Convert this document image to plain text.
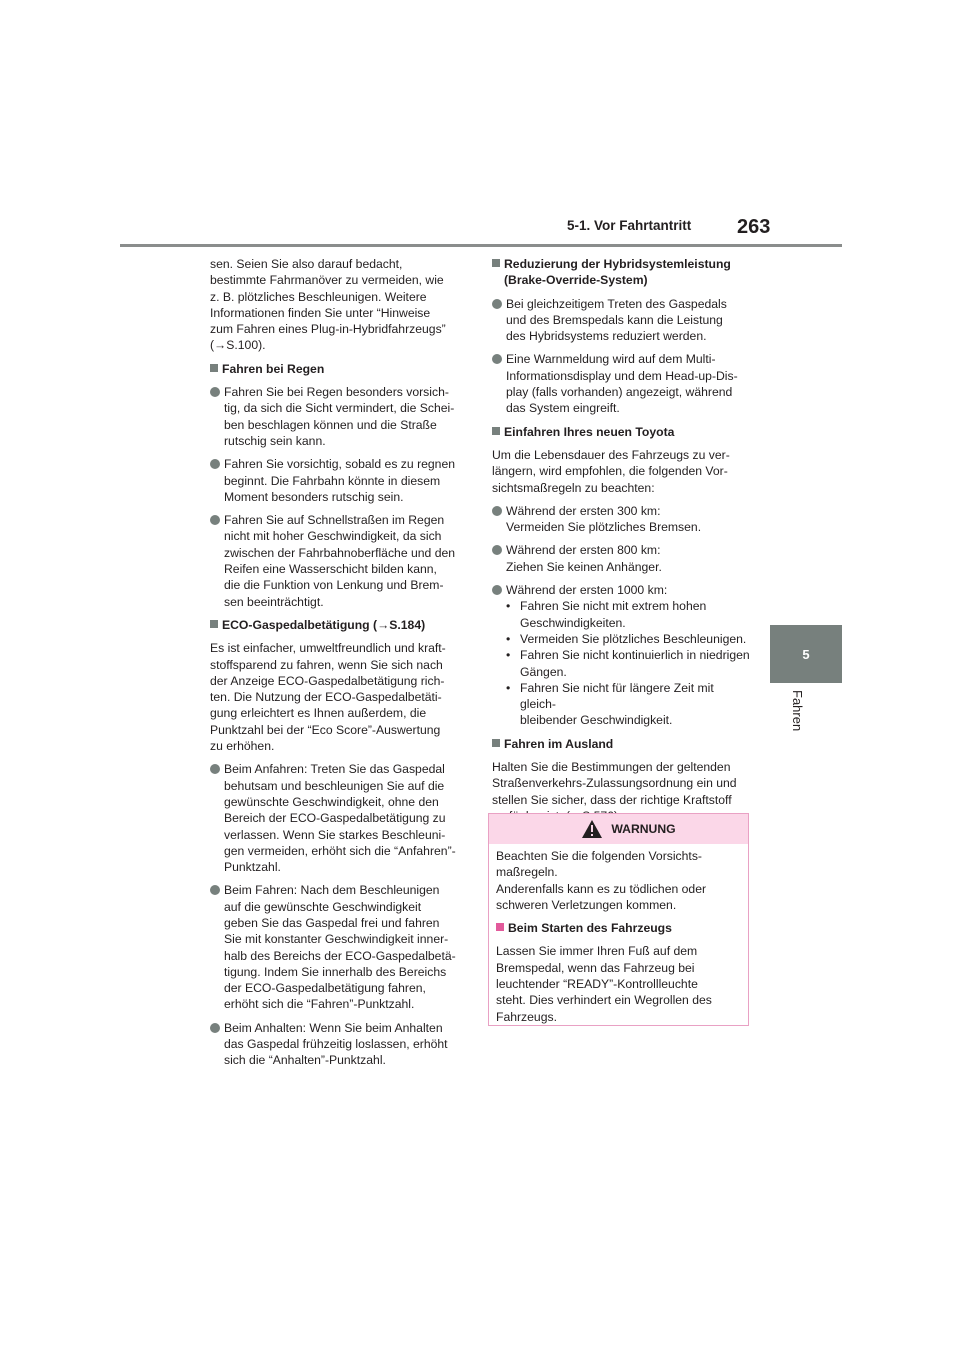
5-1. Vor Fahrtantritt 263
5
Fahren
sen. Seien Sie also darauf bedacht,
bestimmte Fahrmanöver zu vermeiden, wie
z. B. plötzliches Beschleunigen. Weitere
Informationen finden Sie unter “Hinweise
zum Fahren eines Plug-in-Hybridfahrzeugs”
(→S.100).
Fahren bei Regen
Fahren Sie bei Regen besonders vorsich-
tig, da sich die Sicht vermindert, die Schei-
ben beschlagen können und die Straße
rutschig sein kann.
Fahren Sie vorsichtig, sobald es zu regnen
beginnt. Die Fahrbahn könnte in diesem
Moment besonders rutschig sein.
Fahren Sie auf Schnellstraßen im Regen
nicht mit hoher Geschwindigkeit, da sich
zwischen der Fahrbahnoberfläche und den
Reifen eine Wasserschicht bilden kann,
die die Funktion von Lenkung und Brem-
sen beeinträchtigt.
ECO-Gaspedalbetätigung (→S.184)
Es ist einfacher, umweltfreundlich und kraft-
stoffsparend zu fahren, wenn Sie sich nach
der Anzeige ECO-Gaspedalbetätigung rich-
ten. Die Nutzung der ECO-Gaspedalbetäti-
gung erleichtert es Ihnen außerdem, die
Punktzahl bei der “Eco Score”-Auswertung
zu erhöhen.
Beim Anfahren: Treten Sie das Gaspedal
behutsam und beschleunigen Sie auf die
gewünschte Geschwindigkeit, ohne den
Bereich der ECO-Gaspedalbetätigung zu
verlassen. Wenn Sie starkes Beschleuni-
gen vermeiden, erhöht sich die “Anfahren”-
Punktzahl.
Beim Fahren: Nach dem Beschleunigen
auf die gewünschte Geschwindigkeit
geben Sie das Gaspedal frei und fahren
Sie mit konstanter Geschwindigkeit inner-
halb des Bereichs der ECO-Gaspedalbetä-
tigung. Indem Sie innerhalb des Bereichs
der ECO-Gaspedalbetätigung fahren,
erhöht sich die “Fahren”-Punktzahl.
Beim Anhalten: Wenn Sie beim Anhalten
das Gaspedal frühzeitig loslassen, erhöht
sich die “Anhalten”-Punktzahl.
Reduzierung der Hybridsystemleistung
(Brake-Override-System)
Bei gleichzeitigem Treten des Gaspedals
und des Bremspedals kann die Leistung
des Hybridsystems reduziert werden.
Eine Warnmeldung wird auf dem Multi-
Informationsdisplay und dem Head-up-Dis-
play (falls vorhanden) angezeigt, während
das System eingreift.
Einfahren Ihres neuen Toyota
Um die Lebensdauer des Fahrzeugs zu ver-
längern, wird empfohlen, die folgenden Vor-
sichtsmaßregeln zu beachten:
Während der ersten 300 km:
Vermeiden Sie plötzliches Bremsen.
Während der ersten 800 km:
Ziehen Sie keinen Anhänger.
Während der ersten 1000 km:
• Fahren Sie nicht mit extrem hohen
Geschwindigkeiten.
• Vermeiden Sie plötzliches Beschleunigen.
• Fahren Sie nicht kontinuierlich in niedrigen
Gängen.
• Fahren Sie nicht für längere Zeit mit gleich-
bleibender Geschwindigkeit.
Fahren im Ausland
Halten Sie die Bestimmungen der geltenden
Straßenverkehrs-Zulassungsordnung ein und
stellen Sie sicher, dass der richtige Kraftstoff
WARNUNG
Beachten Sie die folgenden Vorsichts-
maßregeln.
Anderenfalls kann es zu tödlichen oder
schweren Verletzungen kommen.
Beim Starten des Fahrzeugs
Lassen Sie immer Ihren Fuß auf dem
Bremspedal, wenn das Fahrzeug bei
leuchtender “READY”-Kontrollleuchte
steht. Dies verhindert ein Wegrollen des
Fahrzeugs.
